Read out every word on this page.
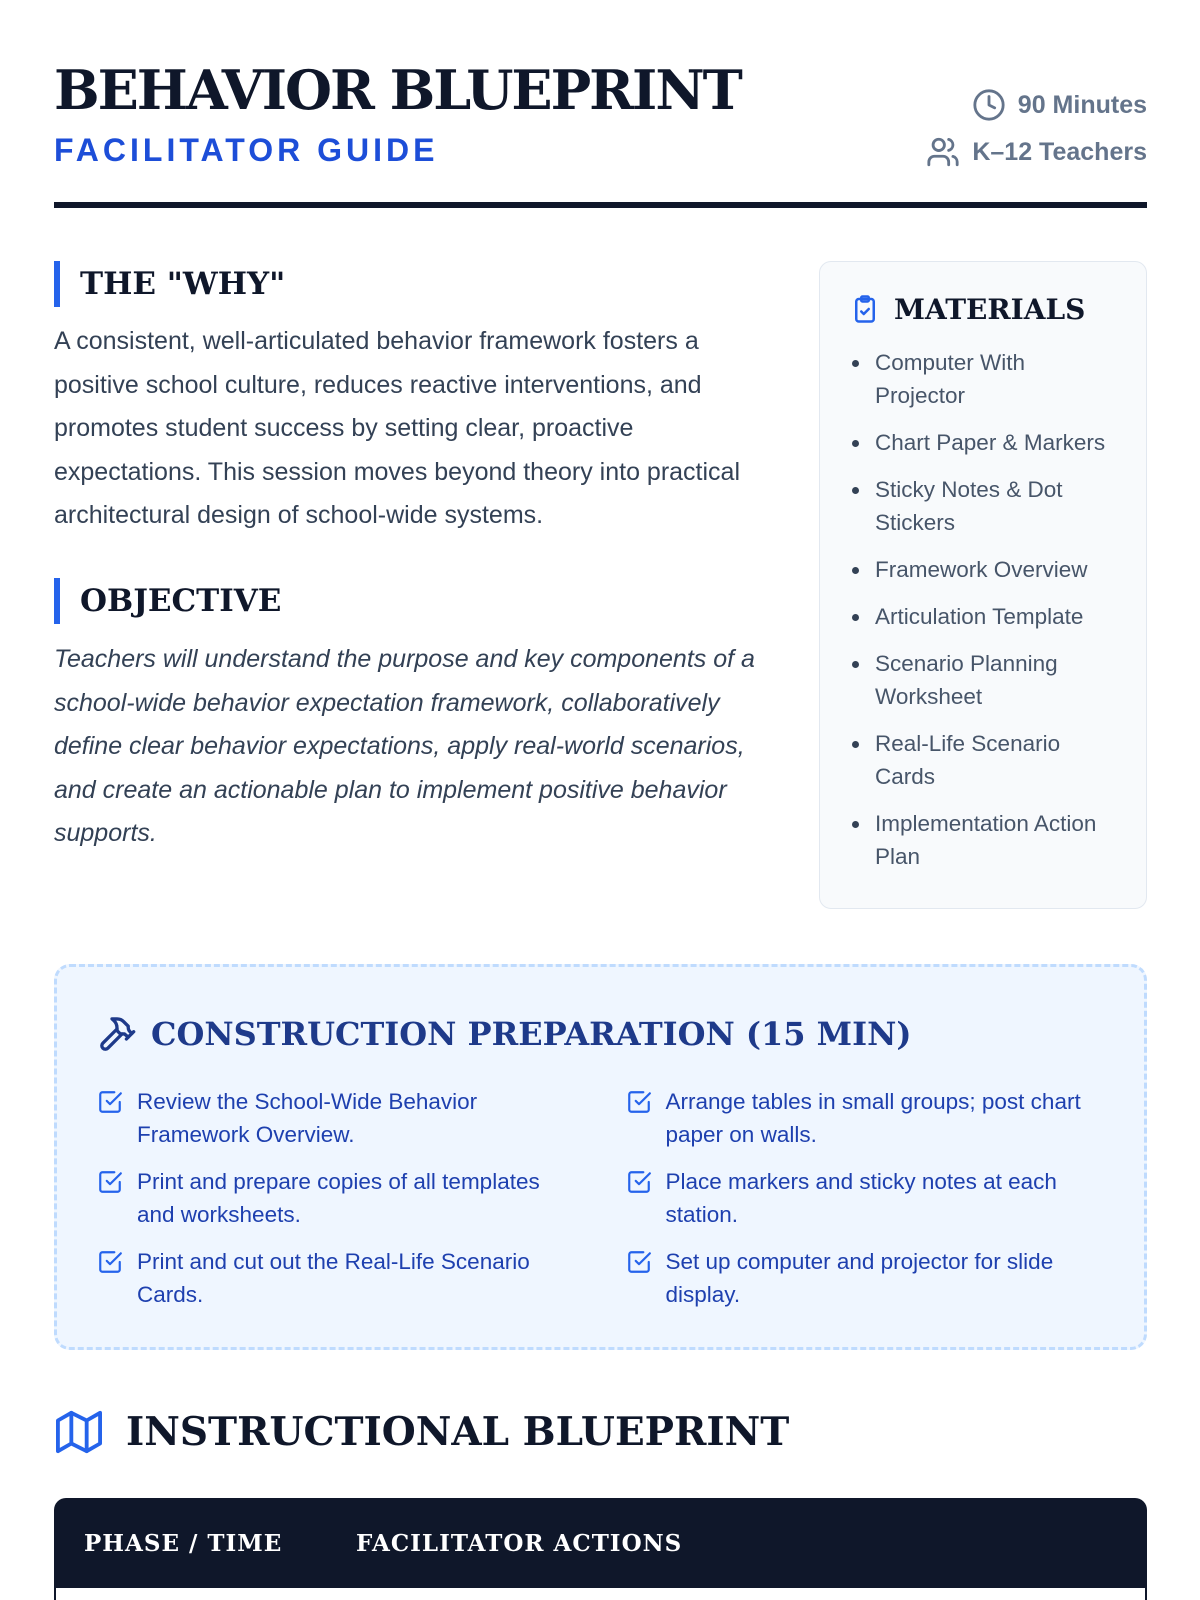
BEHAVIOR BLUEPRINT
FACILITATOR GUIDE
90 Minutes
K–12 Teachers
THE "WHY"

A consistent, well-articulated behavior framework fosters a positive school culture, reduces reactive interventions, and promotes student success by setting clear, proactive expectations. This session moves beyond theory into practical architectural design of school-wide systems.

OBJECTIVE

Teachers will understand the purpose and key components of a school-wide behavior expectation framework, collaboratively define clear behavior expectations, apply real-world scenarios, and create an actionable plan to implement positive behavior supports.

MATERIALS
Computer With Projector
Chart Paper & Markers
Sticky Notes & Dot Stickers
Framework Overview
Articulation Template
Scenario Planning Worksheet
Real-Life Scenario Cards
Implementation Action Plan
CONSTRUCTION PREPARATION (15 MIN)
Review the School-Wide Behavior Framework Overview.
Arrange tables in small groups; post chart paper on walls.
Print and prepare copies of all templates and worksheets.
Place markers and sticky notes at each station.
Print and cut out the Real-Life Scenario Cards.
Set up computer and projector for slide display.
INSTRUCTIONAL BLUEPRINT
PHASE / TIME	FACILITATOR ACTIONS
